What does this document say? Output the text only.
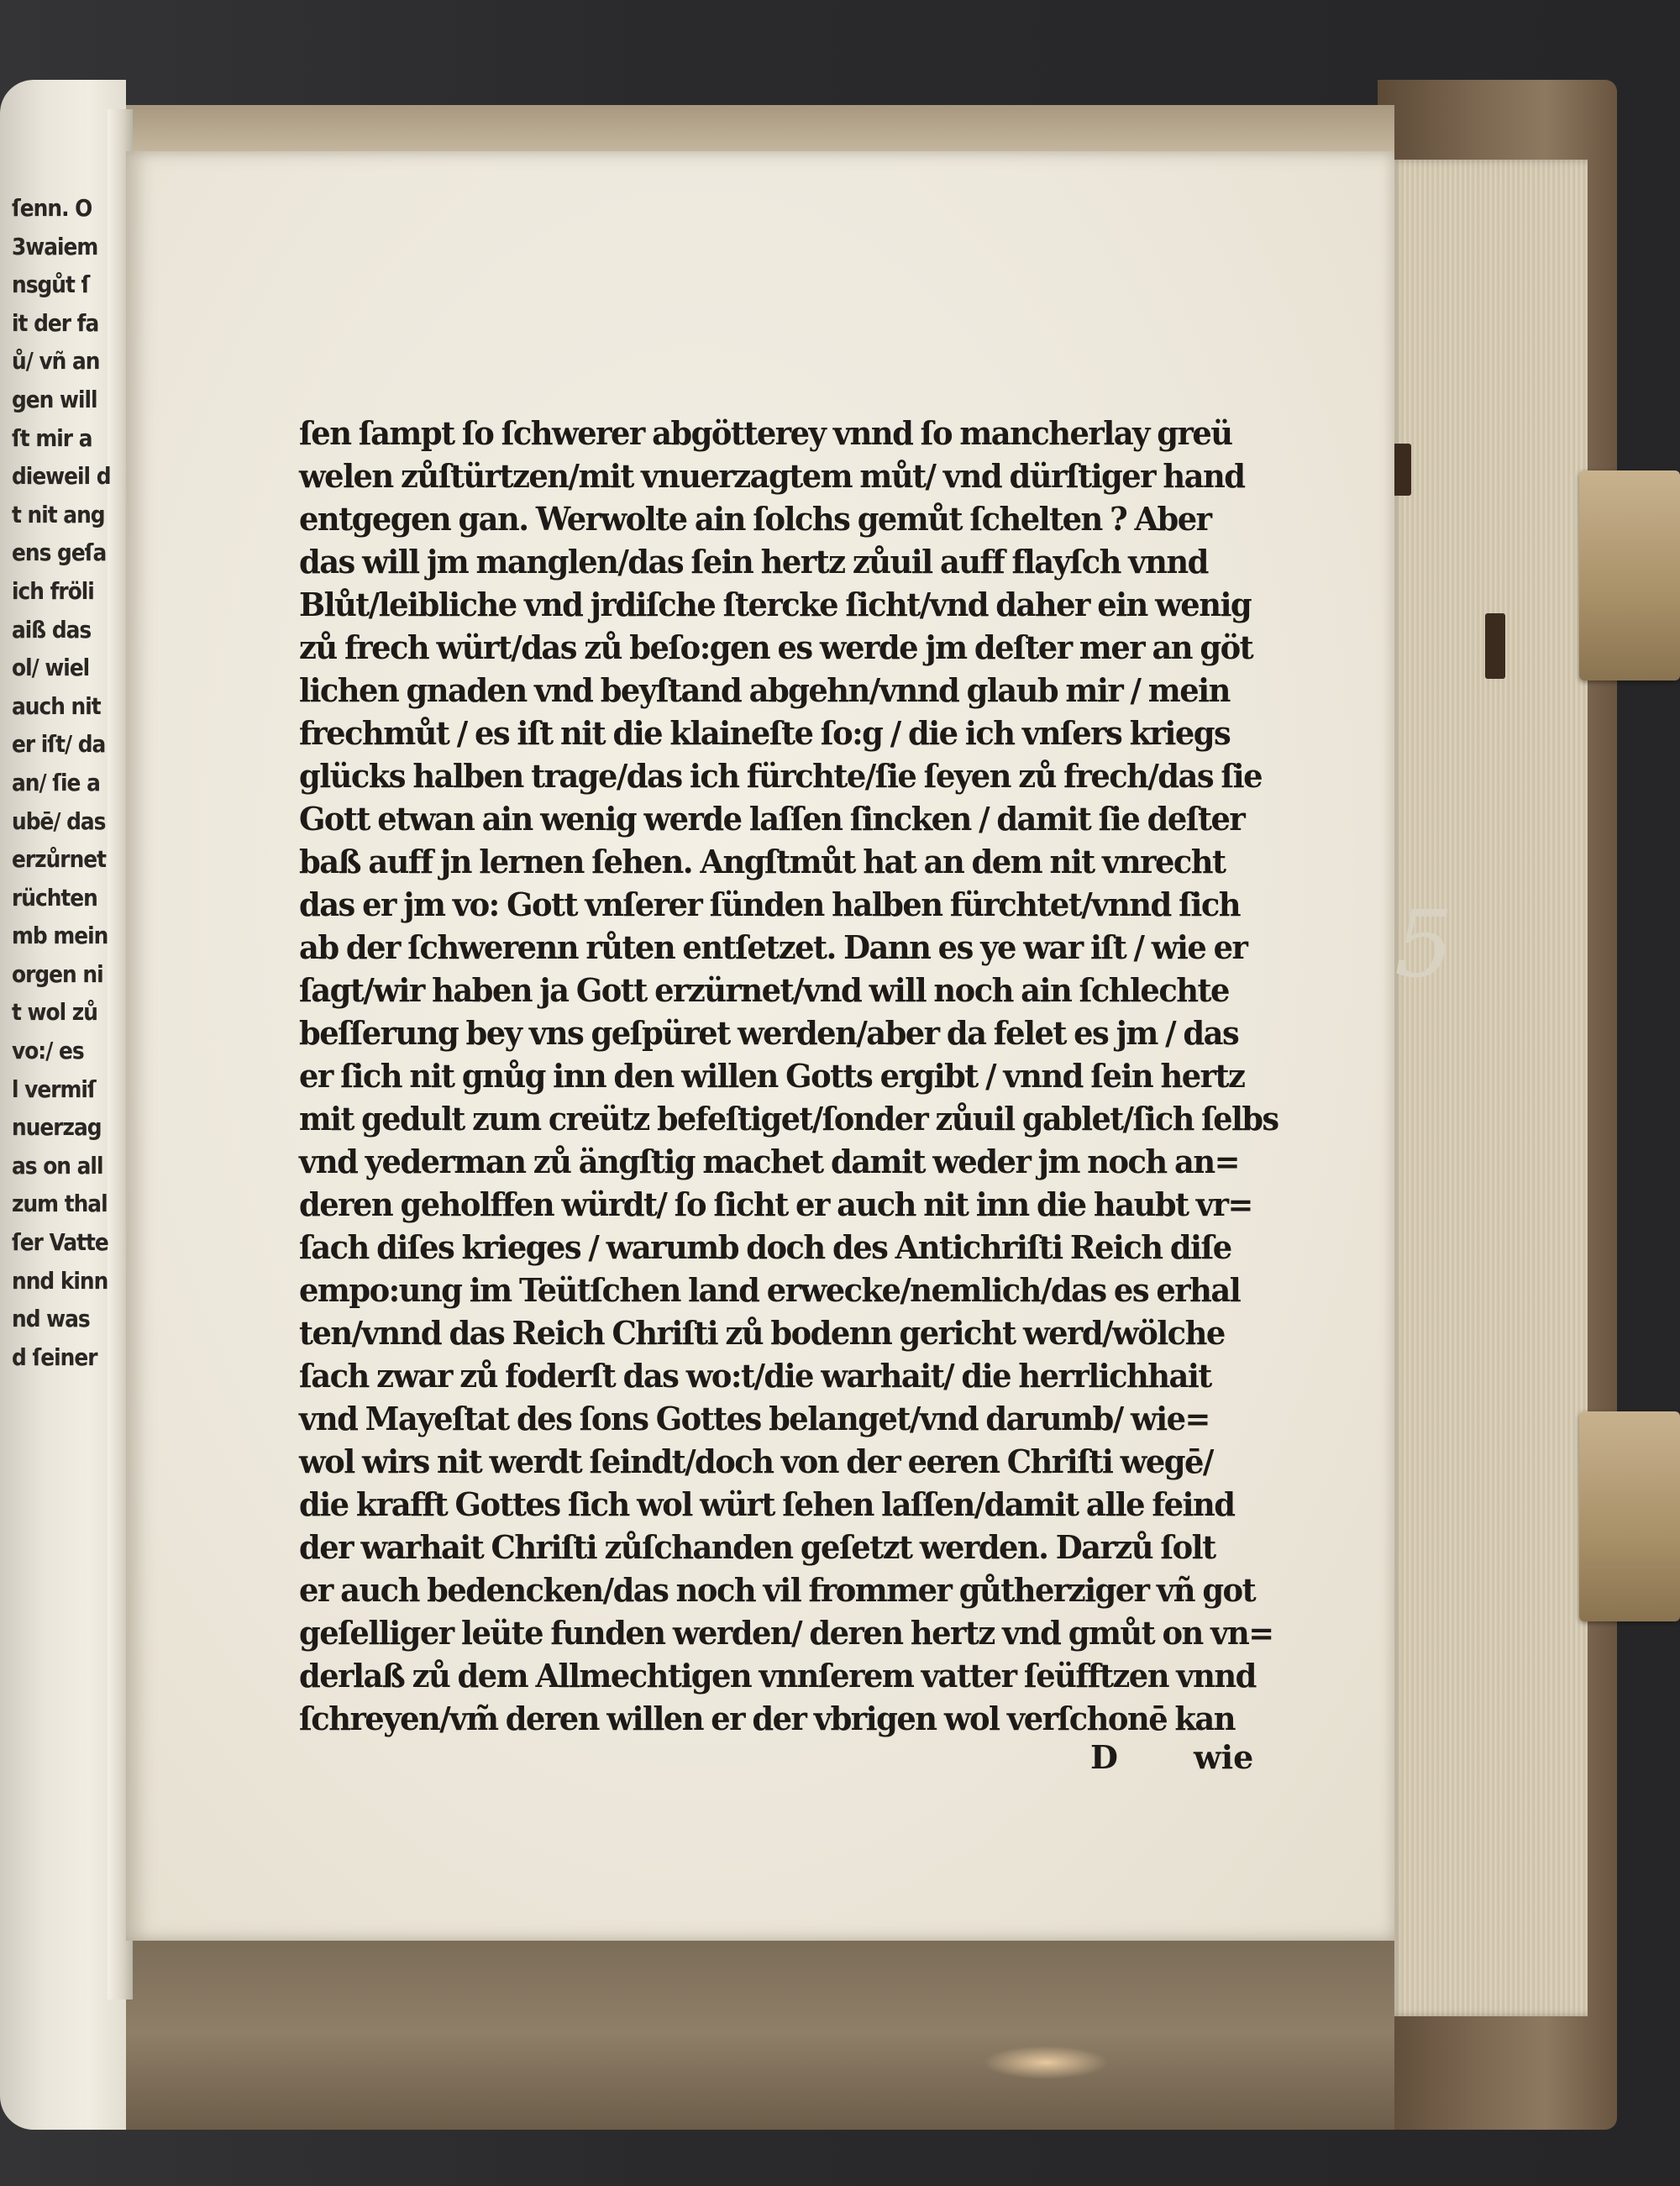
ſenn. O
3waiem
nsgůt ſ
it der fa
ů/ vñ an
gen will
ſt mir a
dieweil d
t nit ang
ens geſa
ich fröli
aiß das
ol/ wiel
auch nit
er iſt/ da
an/ ſie a
ubē/ das
erzůrnet
rüchten
mb mein
orgen ni
t wol zů
vo:/ es
l vermiſ
nuerzag
as on all
zum thal
ſer Vatte
nnd kinn
nd was
d ſeiner
ſen ſampt ſo ſchwerer abgötterey vnnd ſo mancherlay greü
welen zůſtürtzen/mit vnuerzagtem můt/ vnd dürſtiger hand
entgegen gan. Werwolte ain ſolchs gemůt ſchelten ? Aber
das will jm manglen/das ſein hertz zůuil auff flayſch vnnd
Blůt/leibliche vnd jrdiſche ſtercke ſicht/vnd daher ein wenig
zů frech würt/das zů beſo:gen es werde jm deſter mer an göt
lichen gnaden vnd beyſtand abgehn/vnnd glaub mir / mein
frechmůt / es iſt nit die klaineſte ſo:g / die ich vnſers kriegs
glücks halben trage/das ich fürchte/ſie ſeyen zů frech/das ſie
Gott etwan ain wenig werde laſſen ſincken / damit ſie deſter
baß auff jn lernen ſehen. Angſtmůt hat an dem nit vnrecht
das er jm vo: Gott vnſerer ſünden halben fürchtet/vnnd ſich
ab der ſchwerenn růten entſetzet. Dann es ye war iſt / wie er
ſagt/wir haben ja Gott erzürnet/vnd will noch ain ſchlechte
beſſerung bey vns geſpüret werden/aber da felet es jm / das
er ſich nit gnůg inn den willen Gotts ergibt / vnnd ſein hertz
mit gedult zum creütz befeſtiget/ſonder zůuil gablet/ſich ſelbs
vnd yederman zů ängſtig machet damit weder jm noch an=
deren geholffen würdt/ ſo ſicht er auch nit inn die haubt vr=
ſach diſes krieges / warumb doch des Antichriſti Reich diſe
empo:ung im Teütſchen land erwecke/nemlich/das es erhal
ten/vnnd das Reich Chriſti zů bodenn gericht werd/wölche
ſach zwar zů foderſt das wo:t/die warhait/ die herrlichhait
vnd Mayeſtat des ſons Gottes belanget/vnd darumb/ wie=
wol wirs nit werdt ſeindt/doch von der eeren Chriſti wegē/
die krafft Gottes ſich wol würt ſehen laſſen/damit alle feind
der warhait Chriſti zůſchanden geſetzt werden. Darzů ſolt
er auch bedencken/das noch vil frommer gůtherziger vñ got
geſelliger leüte funden werden/ deren hertz vnd gmůt on vn=
derlaß zů dem Allmechtigen vnnſerem vatter ſeüfftzen vnnd
ſchreyen/vm̃ deren willen er der vbrigen wol verſchonē kan
D wie
5
